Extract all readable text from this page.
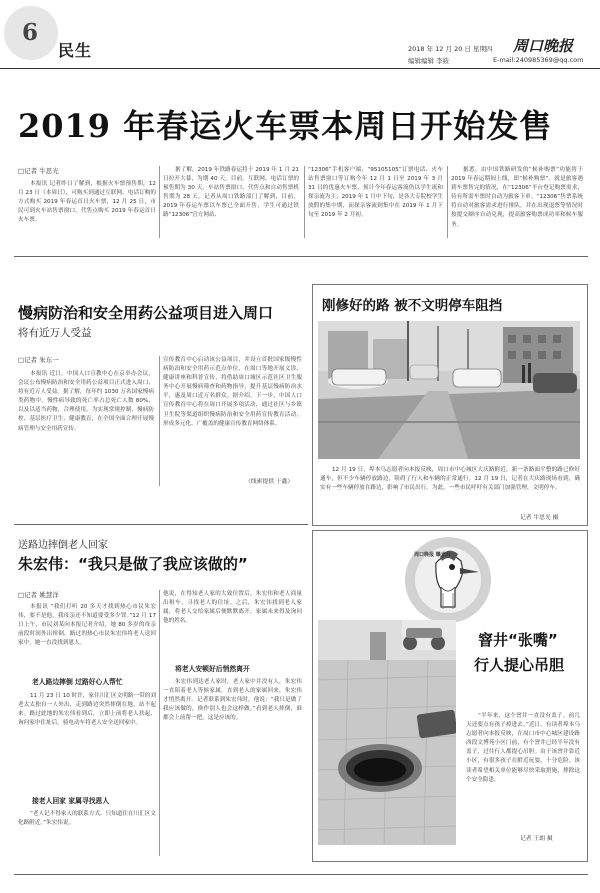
6
民生	2018 年 12 月 20 日 星期四
编辑编辑 李筱	E-mail:240985369@qq.com
周口晚报
2019 年春运火车票本周日开始发售
□记者 牛思光
本报讯 记者昨日了解到，根据火车票预售期，12 月 23 日（本周日），可购买到通过互联网、电话订购的方式购买 2019 年春运首日火车票，12 月 25 日，市民可到火车站售票窗口、代售点购买 2019 年春运首日火车票。
据了解，2019 年铁路春运将于 2019 年 1 月 21 日拉开大幕，为期 40 天。目前，互联网、电话订票的预售期为 30 天，车站售票窗口、代售点和自动售票机售期为 28 天。记者从周口铁路部门了解到，目前，2019 年春运车票以车票已全面开售，学生可通过铁路“12306”官方网站、
“12306”手机客户端、“95105105”订票电话、火车站售票窗口等订购今年 12 月 1 日至 2019 年 3 月 31 日的优惠火车票。预计今年春运客流仍以学生流和探亲流为主。2019 年 1 月中下旬，是各大专院校学生放假的集中期，而探亲客流则集中在 2019 年 1 月下旬至 2019 年 2 月初。
据悉，由中国铁路研发的“候补购票”功能将于 2019 年春运期间上线，即“候补购票”。就是旅客遇到车票售完的情况，在“12306”平台登记购票需求，待有所需车票时自动为旅客下单。“12306”售票系统将自动对旅客需求进行排队，并在出现退票等情况时按提交顺序自动兑现，提高旅客购票成功率和候车服务。
慢病防治和安全用药公益项目进入周口
将有近万人受益
□记者 朱东一
本报讯 近日，中国人口宣教中心在京举办会议，会议公布慢病防治和安全用药公益项目正式进入周口，将有近万人受益。据了解，每年约 1030 万名国家慢病类药物中，慢性病导致的死亡率占总死亡人数 80%，以及以适当药物，合理使用，为实现常规控制、慢病防控、基层医疗卫生、健康教育，在全国全面合理开展慢病管理与安全用药宣传。
宣传教育中心启动该公益项目，并设立首批国家级慢性病防治和安全用药示范点单位，在周口等地开展义诊、健康讲座和科普宣传，将借助周口城区示范社区卫生服务中心开展慢病筛查和药物指导，提升基层慢病防治水平，惠及周口近万名群众。据介绍，下一步，中国人口宣传教育中心将在周口开展多项活动，通过社区与乡镇卫生院等渠道组织慢病防治和安全用药宣传教育活动，形成多元化、广覆盖的健康宣传教育网络体系。
（线索提供 于鑫）
送路边摔倒老人回家
朱宏伟：“我只是做了我应该做的”
□记者 姚慧洋
本报讯 “我们打听 20 多天才找到热心市民朱宏伟，要不是他，我母亲还不知道要受多少罪。”12 月 17 日上午，市民刘某向本报记者介绍，她 80 多岁的母亲前段时间外出摔倒，路过的热心市民朱宏伟将老人送回家中，她一直没找到恩人。
老人路边摔倒 过路好心人帮忙
11 月 23 日 10 时许，家住川汇区文明路一带的刘老太太独自一人外出，走到路边突然摔倒在地，站不起来。路过此地的朱宏伟看到后，立即上前将老人扶起，询问家中住址后，骑电动车将老人安全送回家中。
接老人回家 家属寻找恩人
“老人记不得家人的联系方式，只知道住在川汇区文化路附近。”朱宏伟说。
他说，在得知老人家的大致位置后，朱宏伟和老人商量出租车，寻找老人的住址。之后，朱宏伟找到老人家属，将老人交给家属后便默默离开，家属未来得及询问他的姓名。
将老人安顿好后悄然离开
朱宏伟到达老人家时，老人家中并没有人，朱宏伟一直陪着老人等候家属。直到老人的家属回来，朱宏伟才悄然离开。记者联系到朱宏伟时，他说：“我只是做了我应该做的，换作别人也会这样做。”看到老人摔倒，谁都会上前帮一把，这是应该的。
刚修好的路 被不文明停车阻挡
12 月 19 日，埠本乌志愿者向本报反映，周口市中心城区大庆路附近，新一条路面平整的路已修好通车，但不少车辆停放路边，阻碍了行人和车辆的正常通行。12 月 19 日，记者在大庆路现场看到，确实有一些车辆停放在路边，影响了市民出行。为此，一些市民呼吁有关部门加强管理，文明停车。
记者 牛思光 摄
周口晚报 曝光台
窨井“张嘴”
行人提心吊胆
“半年来，这个窨井一直没有盖子。前几天还要点有孩子掉进去。”近日，有读者埠本乌志愿者向本报反映，在周口市中心城区建设路西段文博苑小区门前，有个窨井已经半年没有盖子，过往行人都提心吊胆。由于该窨井靠近小区，有很多孩子在附近玩耍，十分危险。该读者希望相关单位能够尽快采取措施，排除这个安全隐患。
记者 王朗 摄
